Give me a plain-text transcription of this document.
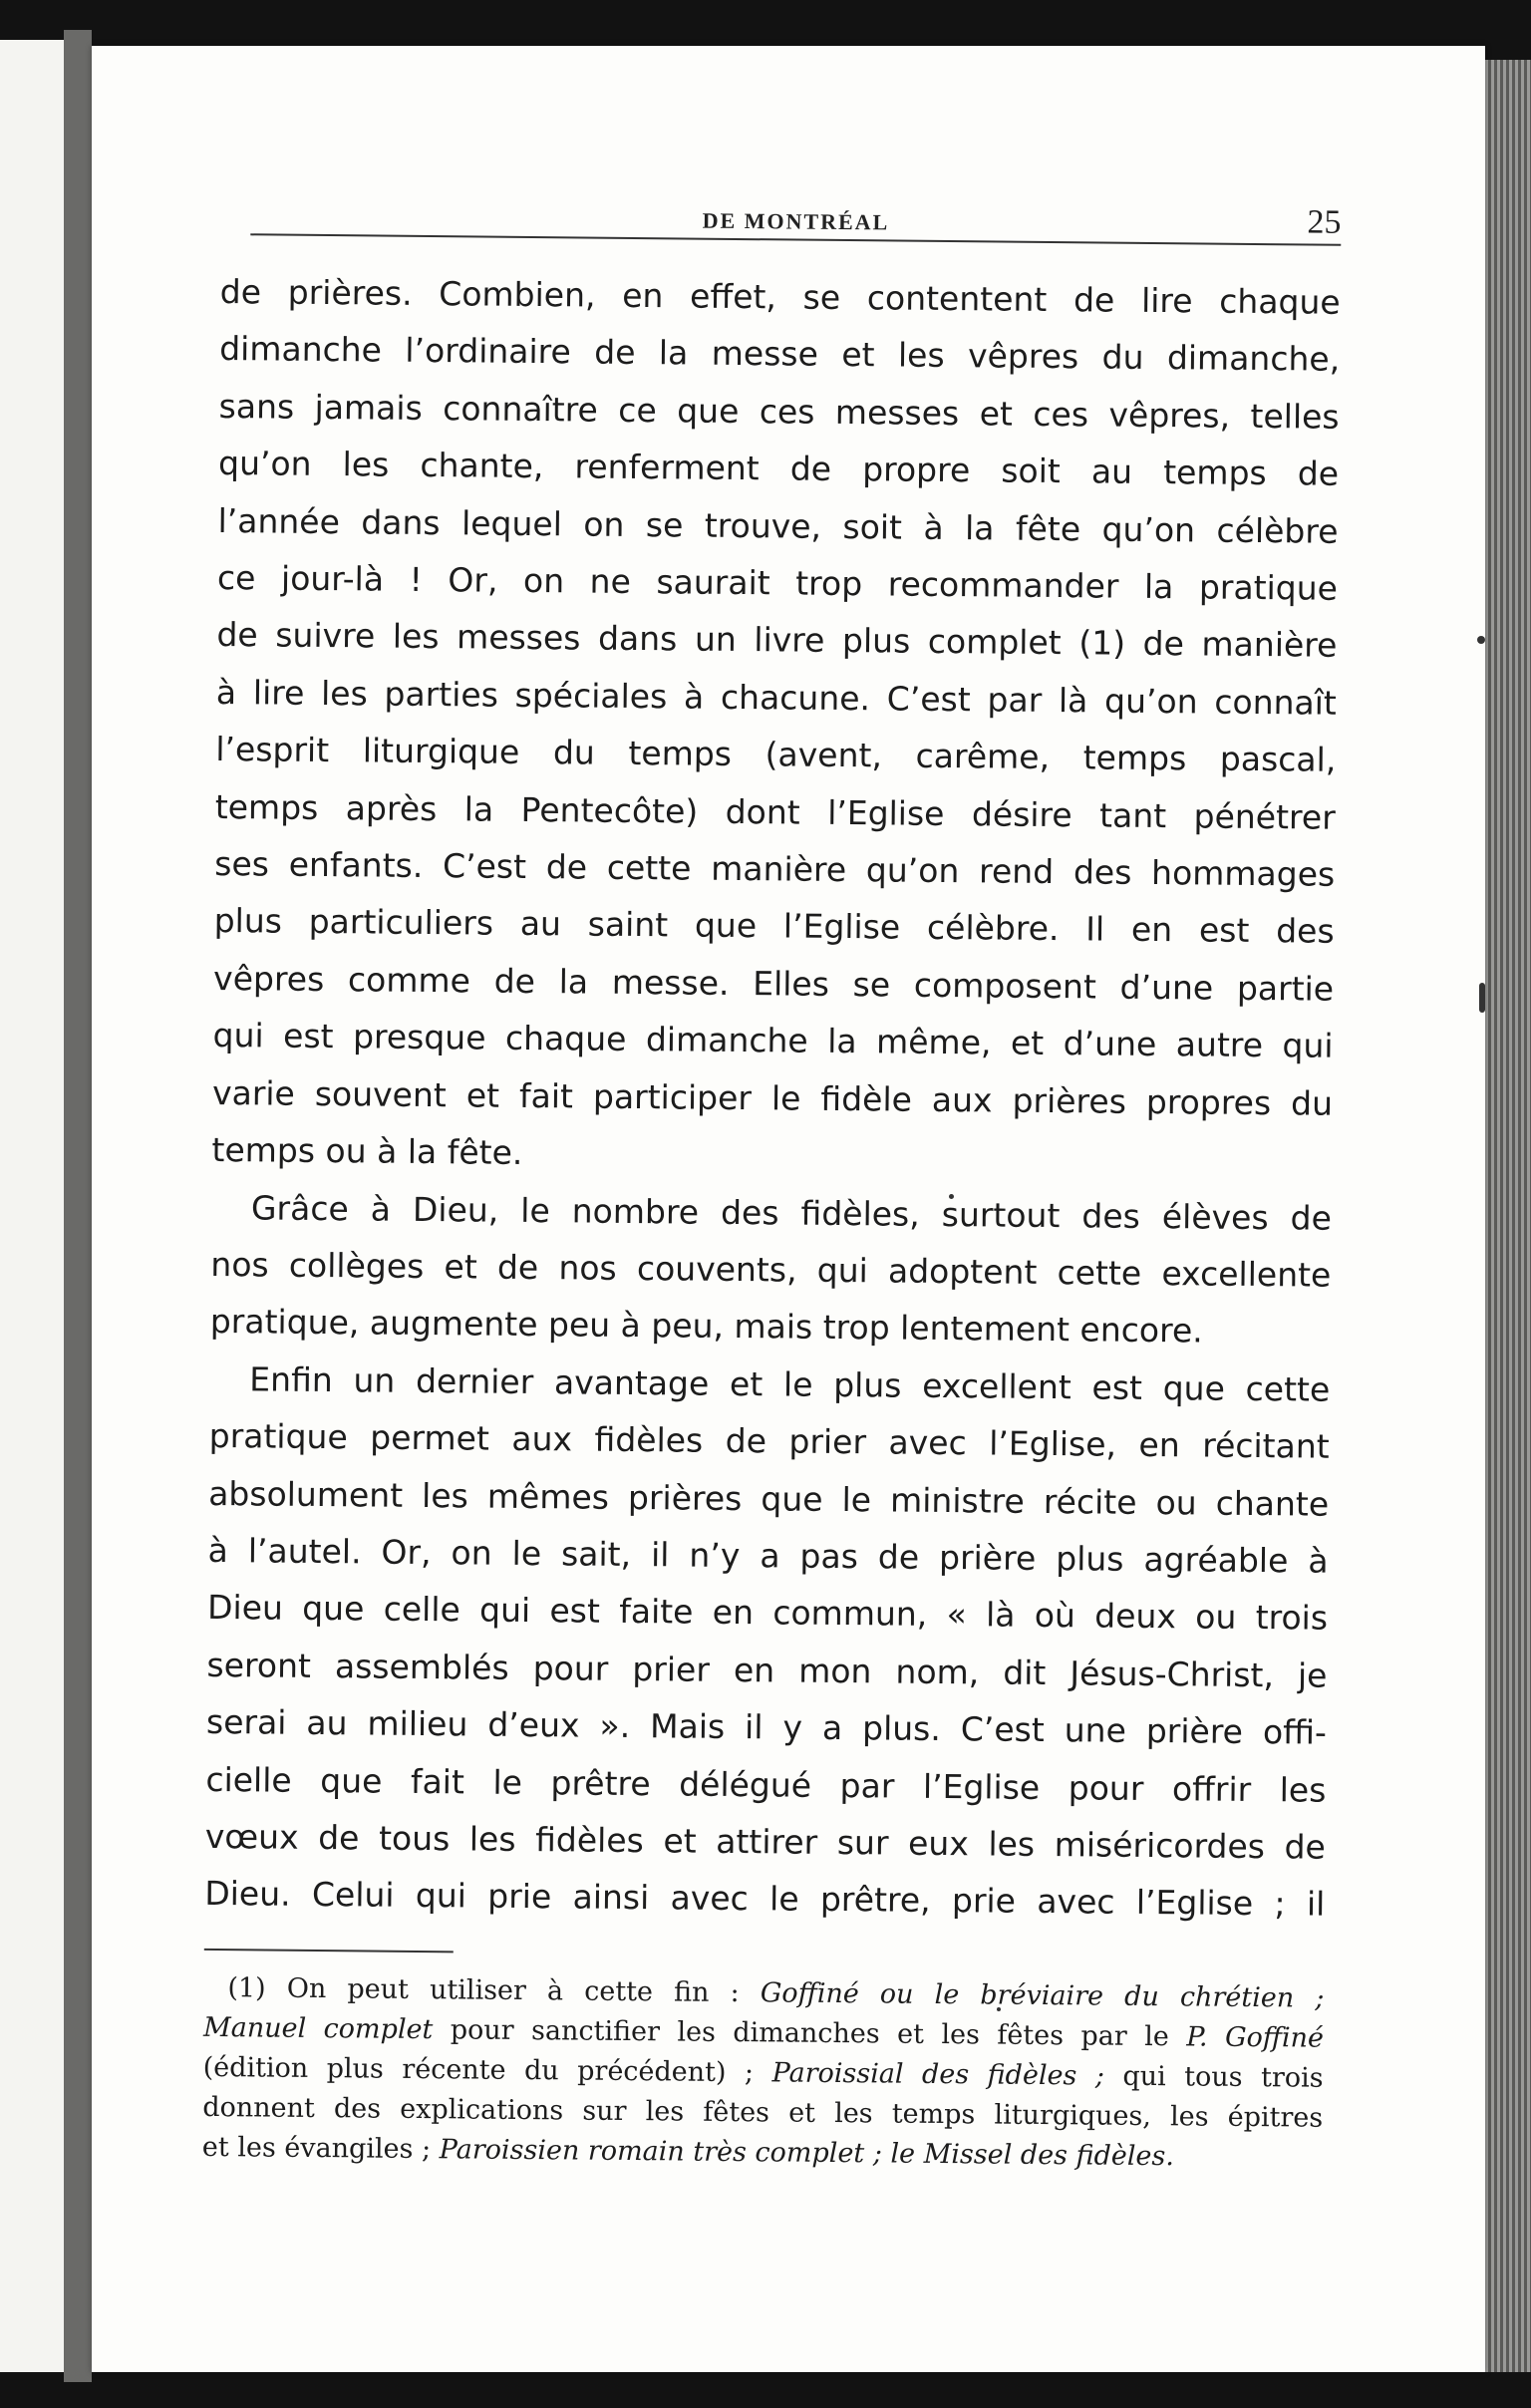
DE MONTRÉAL	25
de prières. Combien, en effet, se contentent de lire chaque
dimanche l’ordinaire de la messe et les vêpres du dimanche,
sans jamais connaître ce que ces messes et ces vêpres, telles
qu’on les chante, renferment de propre soit au temps de
l’année dans lequel on se trouve, soit à la fête qu’on célèbre
ce jour-là ! Or, on ne saurait trop recommander la pratique
de suivre les messes dans un livre plus complet (1) de manière
à lire les parties spéciales à chacune. C’est par là qu’on connaît
l’esprit liturgique du temps (avent, carême, temps pascal,
temps après la Pentecôte) dont l’Eglise désire tant pénétrer
ses enfants. C’est de cette manière qu’on rend des hommages
plus particuliers au saint que l’Eglise célèbre. Il en est des
vêpres comme de la messe. Elles se composent d’une partie
qui est presque chaque dimanche la même, et d’une autre qui
varie souvent et fait participer le fidèle aux prières propres du
temps ou à la fête.
Grâce à Dieu, le nombre des fidèles, surtout des élèves de
nos collèges et de nos couvents, qui adoptent cette excellente
pratique, augmente peu à peu, mais trop lentement encore.
Enfin un dernier avantage et le plus excellent est que cette
pratique permet aux fidèles de prier avec l’Eglise, en récitant
absolument les mêmes prières que le ministre récite ou chante
à l’autel. Or, on le sait, il n’y a pas de prière plus agréable à
Dieu que celle qui est faite en commun, « là où deux ou trois
seront assemblés pour prier en mon nom, dit Jésus-Christ, je
serai au milieu d’eux ». Mais il y a plus. C’est une prière offi-
cielle que fait le prêtre délégué par l’Eglise pour offrir les
vœux de tous les fidèles et attirer sur eux les miséricordes de
Dieu. Celui qui prie ainsi avec le prêtre, prie avec l’Eglise ; il
(1) On peut utiliser à cette fin : Goffiné ou le bréviaire du chrétien ;
Manuel complet pour sanctifier les dimanches et les fêtes par le P. Goffiné
(édition plus récente du précédent) ; Paroissial des fidèles ; qui tous trois
donnent des explications sur les fêtes et les temps liturgiques, les épitres
et les évangiles ; Paroissien romain très complet ; le Missel des fidèles.
